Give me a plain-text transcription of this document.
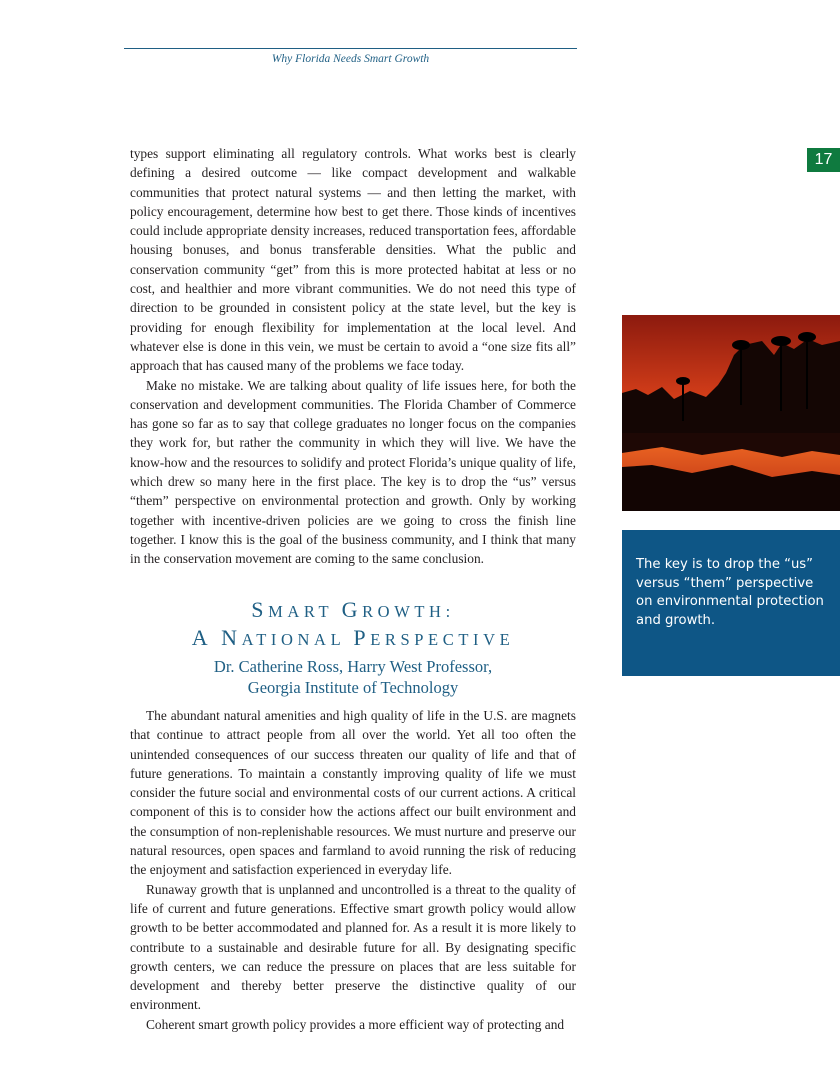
Why Florida Needs Smart Growth
17

types support eliminating all regulatory controls. What works best is clearly defining a desired outcome — like compact development and walkable communities that protect natural systems — and then letting the market, with policy encouragement, determine how best to get there. Those kinds of incentives could include appropriate density increases, reduced transportation fees, affordable housing bonuses, and bonus transferable densities. What the public and conservation community “get” from this is more protected habitat at less or no cost, and healthier and more vibrant communities. We do not need this type of direction to be grounded in consistent policy at the state level, but the key is providing for enough flexibility for implementation at the local level. And whatever else is done in this vein, we must be certain to avoid a “one size fits all” approach that has caused many of the problems we face today.

Make no mistake. We are talking about quality of life issues here, for both the conservation and development communities. The Florida Chamber of Commerce has gone so far as to say that college graduates no longer focus on the companies they work for, but rather the community in which they will live. We have the know-how and the resources to solidify and protect Florida’s unique quality of life, which drew so many here in the first place. The key is to drop the “us” versus “them” perspective on environmental protection and growth. Only by working together with incentive-driven policies are we going to cross the finish line together. I know this is the goal of the business community, and I think that many in the conservation movement are coming to the same conclusion.

SMART GROWTH:
A NATIONAL PERSPECTIVE
Dr. Catherine Ross, Harry West Professor,
Georgia Institute of Technology

The abundant natural amenities and high quality of life in the U.S. are magnets that continue to attract people from all over the world. Yet all too often the unintended consequences of our success threaten our quality of life and that of future generations. To maintain a constantly improving quality of life we must consider the future social and environmental costs of our current actions. A critical component of this is to consider how the actions affect our built environment and the consumption of non-replenishable resources. We must nurture and preserve our natural resources, open spaces and farmland to avoid running the risk of reducing the enjoyment and satisfaction experienced in everyday life.

Runaway growth that is unplanned and uncontrolled is a threat to the quality of life of current and future generations. Effective smart growth policy would allow growth to be better accommodated and planned for. As a result it is more likely to contribute to a sustainable and desirable future for all. By designating specific growth centers, we can reduce the pressure on places that are less suitable for development and thereby better preserve the distinctive quality of our environment.

Coherent smart growth policy provides a more efficient way of protecting and

The key is to drop the “us” versus “them” perspective on environmental protection and growth.
